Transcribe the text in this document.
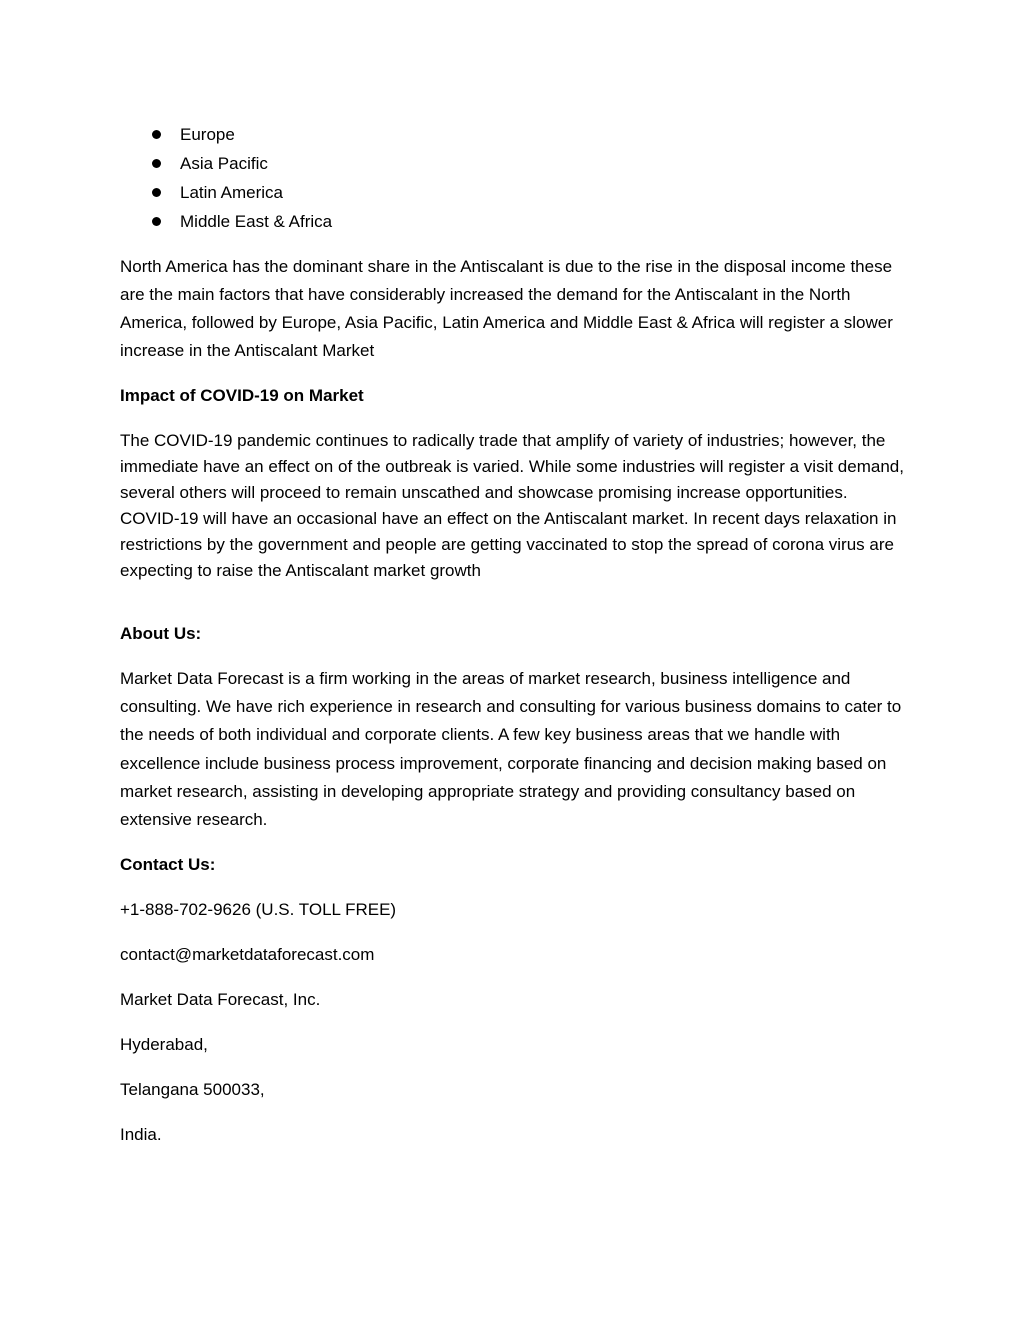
Europe
Asia Pacific
Latin America
Middle East & Africa

North America has the dominant share in the Antiscalant is due to the rise in the disposal income these are the main factors that have considerably increased the demand for the Antiscalant in the North America, followed by Europe, Asia Pacific, Latin America and Middle East & Africa will register a slower increase in the Antiscalant Market

Impact of COVID-19 on Market

The COVID-19 pandemic continues to radically trade that amplify of variety of industries; however, the immediate have an effect on of the outbreak is varied. While some industries will register a visit demand, several others will proceed to remain unscathed and showcase promising increase opportunities. COVID-19 will have an occasional have an effect on the Antiscalant market. In recent days relaxation in restrictions by the government and people are getting vaccinated to stop the spread of corona virus are expecting to raise the Antiscalant market growth

About Us:

Market Data Forecast is a firm working in the areas of market research, business intelligence and consulting. We have rich experience in research and consulting for various business domains to cater to the needs of both individual and corporate clients. A few key business areas that we handle with excellence include business process improvement, corporate financing and decision making based on market research, assisting in developing appropriate strategy and providing consultancy based on extensive research.

Contact Us:

+1-888-702-9626 (U.S. TOLL FREE)

contact@marketdataforecast.com

Market Data Forecast, Inc.

Hyderabad,

Telangana 500033,

India.
